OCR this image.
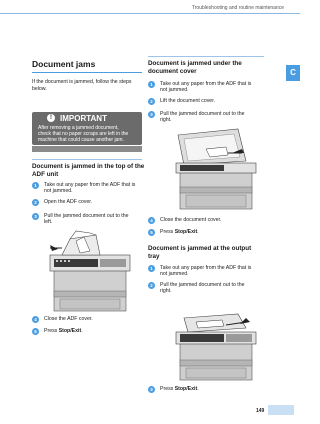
Troubleshooting and routine maintenance
C
Document jams
If the document is jammed, follow the steps
below.
!	IMPORTANT
After removing a jammed document,
check that no paper scraps are left in the
machine that could cause another jam.
Document is jammed in the top of the
ADF unit
1	Take out any paper from the ADF that is
not jammed.
2	Open the ADF cover.
3	Pull the jammed document out to the
left.
4	Close the ADF cover.
5	Press Stop/Exit.
Document is jammed under the
document cover
1	Take out any paper from the ADF that is
not jammed.
2	Lift the document cover.
3	Pull the jammed document out to the
right.
4	Close the document cover.
5	Press Stop/Exit.
Document is jammed at the output
tray
1	Take out any paper from the ADF that is
not jammed.
2	Pull the jammed document out to the
right.
3	Press Stop/Exit.
149
